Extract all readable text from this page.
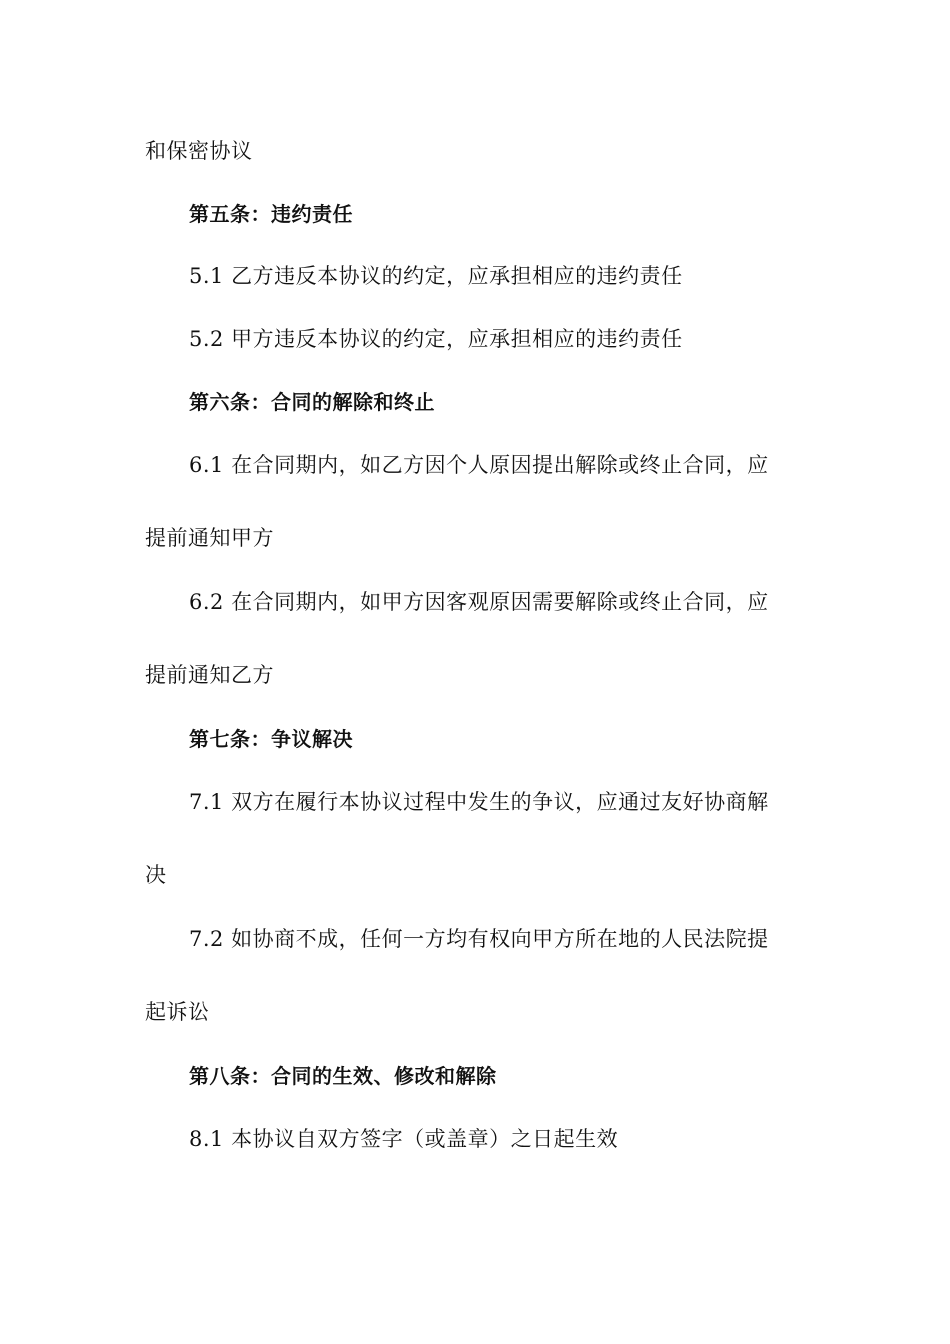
和保密协议
第五条：违约责任
5.1 乙方违反本协议的约定，应承担相应的违约责任
5.2 甲方违反本协议的约定，应承担相应的违约责任
第六条：合同的解除和终止
6.1 在合同期内，如乙方因个人原因提出解除或终止合同，应
提前通知甲方
6.2 在合同期内，如甲方因客观原因需要解除或终止合同，应
提前通知乙方
第七条：争议解决
7.1 双方在履行本协议过程中发生的争议，应通过友好协商解
决
7.2 如协商不成，任何一方均有权向甲方所在地的人民法院提
起诉讼
第八条：合同的生效、修改和解除
8.1 本协议自双方签字（或盖章）之日起生效
